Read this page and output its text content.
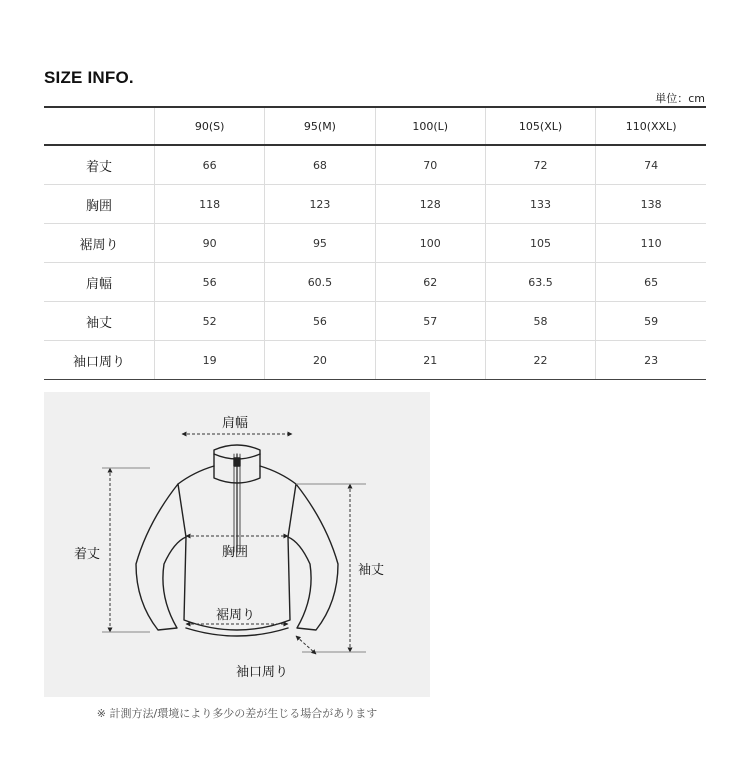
SIZE INFO.
単位：cm
	90(S)	95(M)	100(L)	105(XL)	110(XXL)
着丈	66	68	70	72	74
胸囲	118	123	128	133	138
裾周り	90	95	100	105	110
肩幅	56	60.5	62	63.5	65
袖丈	52	56	57	58	59
袖口周り	19	20	21	22	23
肩幅
着丈	胸囲
袖丈
裾周り
袖口周り
※ 計測方法/環境により多少の差が生じる場合があります
